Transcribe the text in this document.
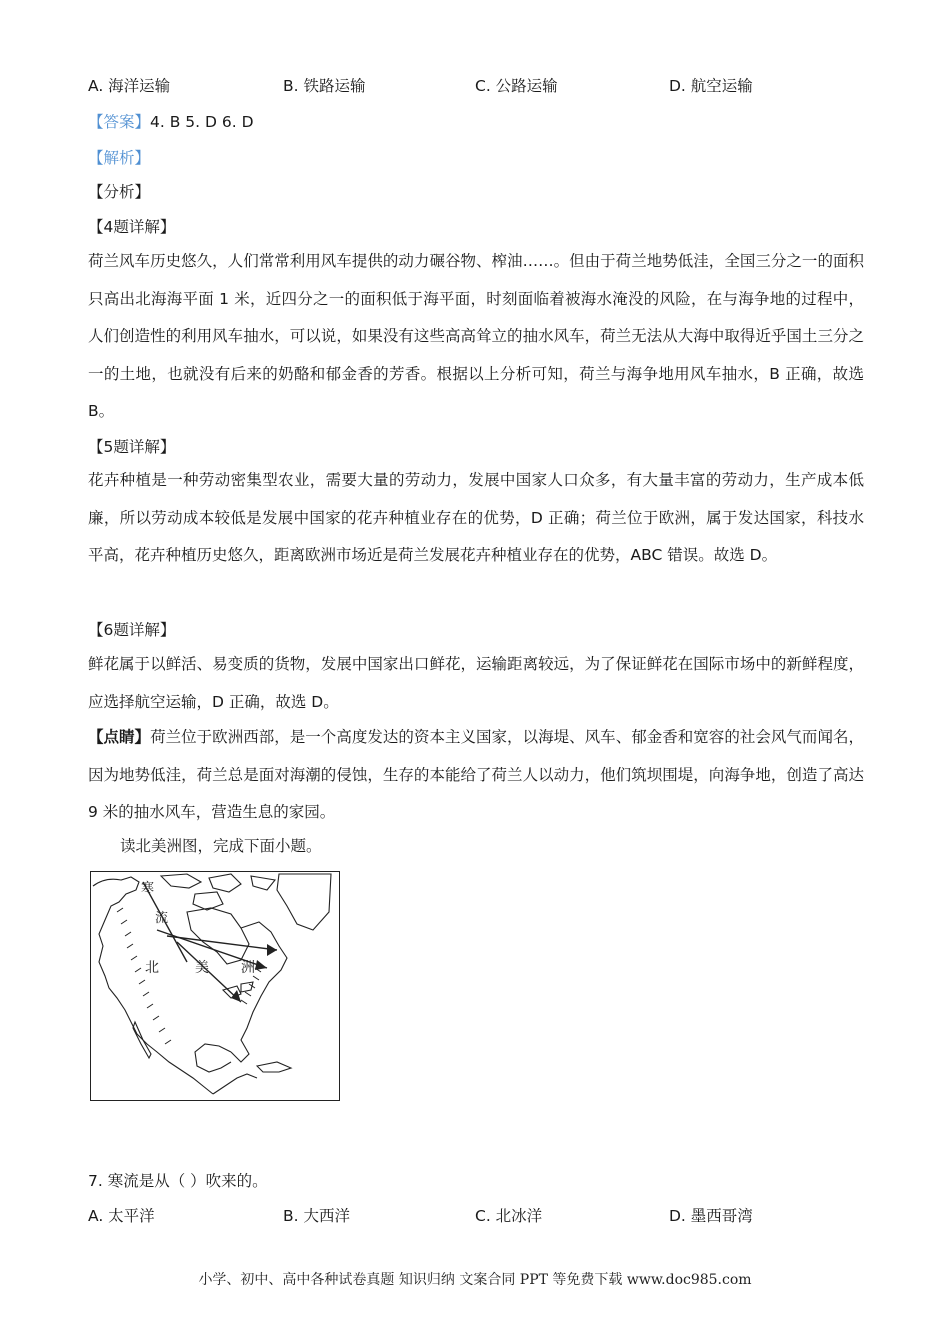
A. 海洋运输	B. 铁路运输	C. 公路运输	D. 航空运输
【答案】4. B 5. D 6. D
【解析】
【分析】
【4题详解】
荷兰风车历史悠久，人们常常利用风车提供的动力碾谷物、榨油……。但由于荷兰地势低洼，全国三分之一的面积只高出北海海平面 1 米，近四分之一的面积低于海平面，时刻面临着被海水淹没的风险，在与海争地的过程中，人们创造性的利用风车抽水，可以说，如果没有这些高高耸立的抽水风车，荷兰无法从大海中取得近乎国土三分之一的土地，也就没有后来的奶酪和郁金香的芳香。根据以上分析可知，荷兰与海争地用风车抽水，B 正确，故选 B。
【5题详解】
花卉种植是一种劳动密集型农业，需要大量的劳动力，发展中国家人口众多，有大量丰富的劳动力，生产成本低廉，所以劳动成本较低是发展中国家的花卉种植业存在的优势，D 正确；荷兰位于欧洲，属于发达国家，科技水平高，花卉种植历史悠久，距离欧洲市场近是荷兰发展花卉种植业存在的优势，ABC 错误。故选 D。
【6题详解】
鲜花属于以鲜活、易变质的货物，发展中国家出口鲜花，运输距离较远，为了保证鲜花在国际市场中的新鲜程度，应选择航空运输，D 正确，故选 D。
【点睛】荷兰位于欧洲西部，是一个高度发达的资本主义国家，以海堤、风车、郁金香和宽容的社会风气而闻名，因为地势低洼，荷兰总是面对海潮的侵蚀，生存的本能给了荷兰人以动力，他们筑坝围堤，向海争地，创造了高达 9 米的抽水风车，营造生息的家园。
读北美洲图，完成下面小题。
寒
流
北	美 洲
7. 寒流是从（ ）吹来的。
A. 太平洋	B. 大西洋	C. 北冰洋	D. 墨西哥湾
小学、初中、高中各种试卷真题 知识归纳 文案合同 PPT 等免费下载 www.doc985.com
